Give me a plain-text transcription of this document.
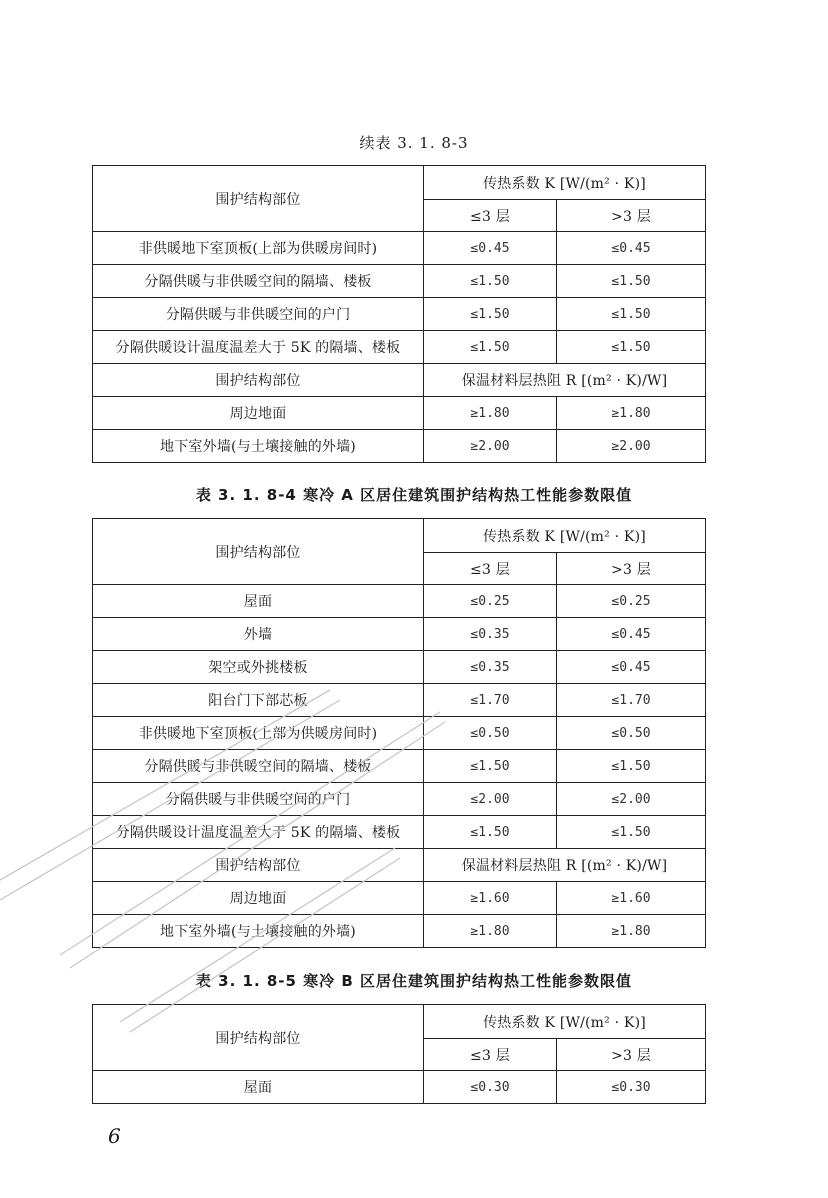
续表 3. 1. 8-3
围护结构部位	传热系数 K [W/(m² · K)]	
	≤3 层	>3 层
非供暖地下室顶板(上部为供暖房间时)	≤0.45	≤0.45
分隔供暖与非供暖空间的隔墙、楼板	≤1.50	≤1.50
分隔供暖与非供暖空间的户门	≤1.50	≤1.50
分隔供暖设计温度温差大于 5K 的隔墙、楼板	≤1.50	≤1.50
围护结构部位	保温材料层热阻 R [(m² · K)/W]	
周边地面	≥1.80	≥1.80
地下室外墙(与土壤接触的外墙)	≥2.00	≥2.00
表 3. 1. 8-4 寒冷 A 区居住建筑围护结构热工性能参数限值
围护结构部位	传热系数 K [W/(m² · K)]	
	≤3 层	>3 层
屋面	≤0.25	≤0.25
外墙	≤0.35	≤0.45
架空或外挑楼板	≤0.35	≤0.45
阳台门下部芯板	≤1.70	≤1.70
非供暖地下室顶板(上部为供暖房间时)	≤0.50	≤0.50
分隔供暖与非供暖空间的隔墙、楼板	≤1.50	≤1.50
分隔供暖与非供暖空间的户门	≤2.00	≤2.00
分隔供暖设计温度温差大于 5K 的隔墙、楼板	≤1.50	≤1.50
围护结构部位	保温材料层热阻 R [(m² · K)/W]	
周边地面	≥1.60	≥1.60
地下室外墙(与土壤接触的外墙)	≥1.80	≥1.80
表 3. 1. 8-5 寒冷 B 区居住建筑围护结构热工性能参数限值
围护结构部位	传热系数 K [W/(m² · K)]	
	≤3 层	>3 层
屋面	≤0.30	≤0.30
6
